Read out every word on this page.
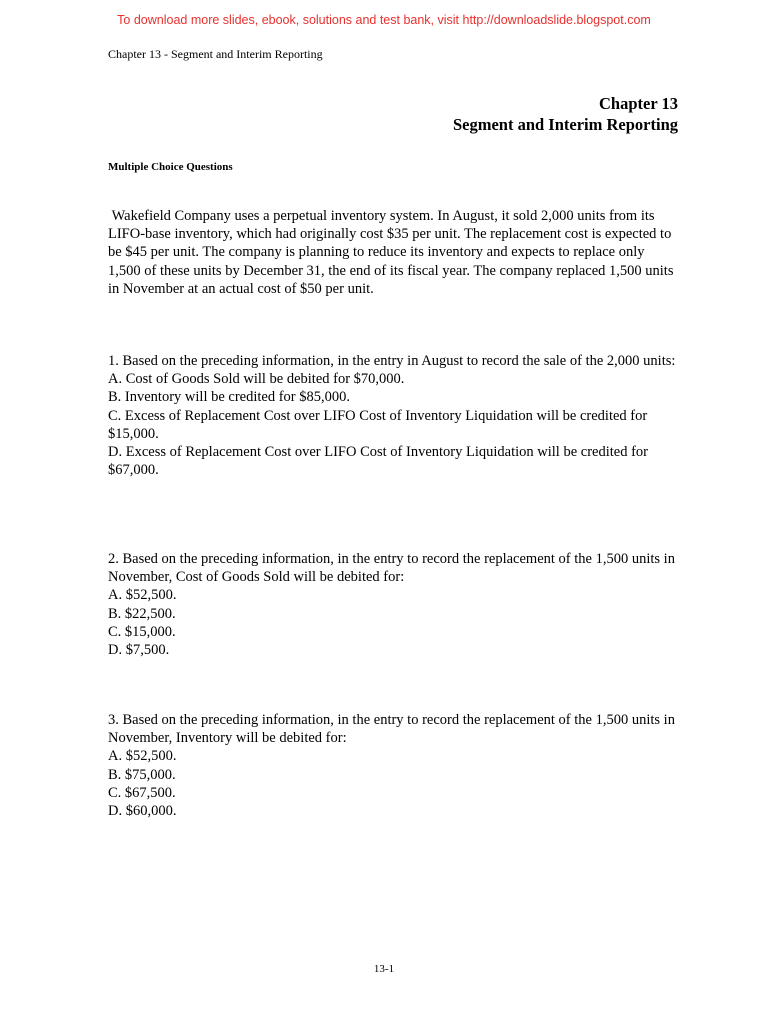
To download more slides, ebook, solutions and test bank, visit http://downloadslide.blogspot.com
Chapter 13 - Segment and Interim Reporting
Chapter 13
Segment and Interim Reporting
Multiple Choice Questions

Wakefield Company uses a perpetual inventory system. In August, it sold 2,000 units from its LIFO-base inventory, which had originally cost $35 per unit. The replacement cost is expected to be $45 per unit. The company is planning to reduce its inventory and expects to replace only 1,500 of these units by December 31, the end of its fiscal year. The company replaced 1,500 units in November at an actual cost of $50 per unit.

1. Based on the preceding information, in the entry in August to record the sale of the 2,000 units:

A. Cost of Goods Sold will be debited for $70,000.
B. Inventory will be credited for $85,000.
C. Excess of Replacement Cost over LIFO Cost of Inventory Liquidation will be credited for $15,000.
D. Excess of Replacement Cost over LIFO Cost of Inventory Liquidation will be credited for $67,000.

2. Based on the preceding information, in the entry to record the replacement of the 1,500 units in November, Cost of Goods Sold will be debited for:

A. $52,500.
B. $22,500.
C. $15,000.
D. $7,500.

3. Based on the preceding information, in the entry to record the replacement of the 1,500 units in November, Inventory will be debited for:

A. $52,500.
B. $75,000.
C. $67,500.
D. $60,000.
13-1
